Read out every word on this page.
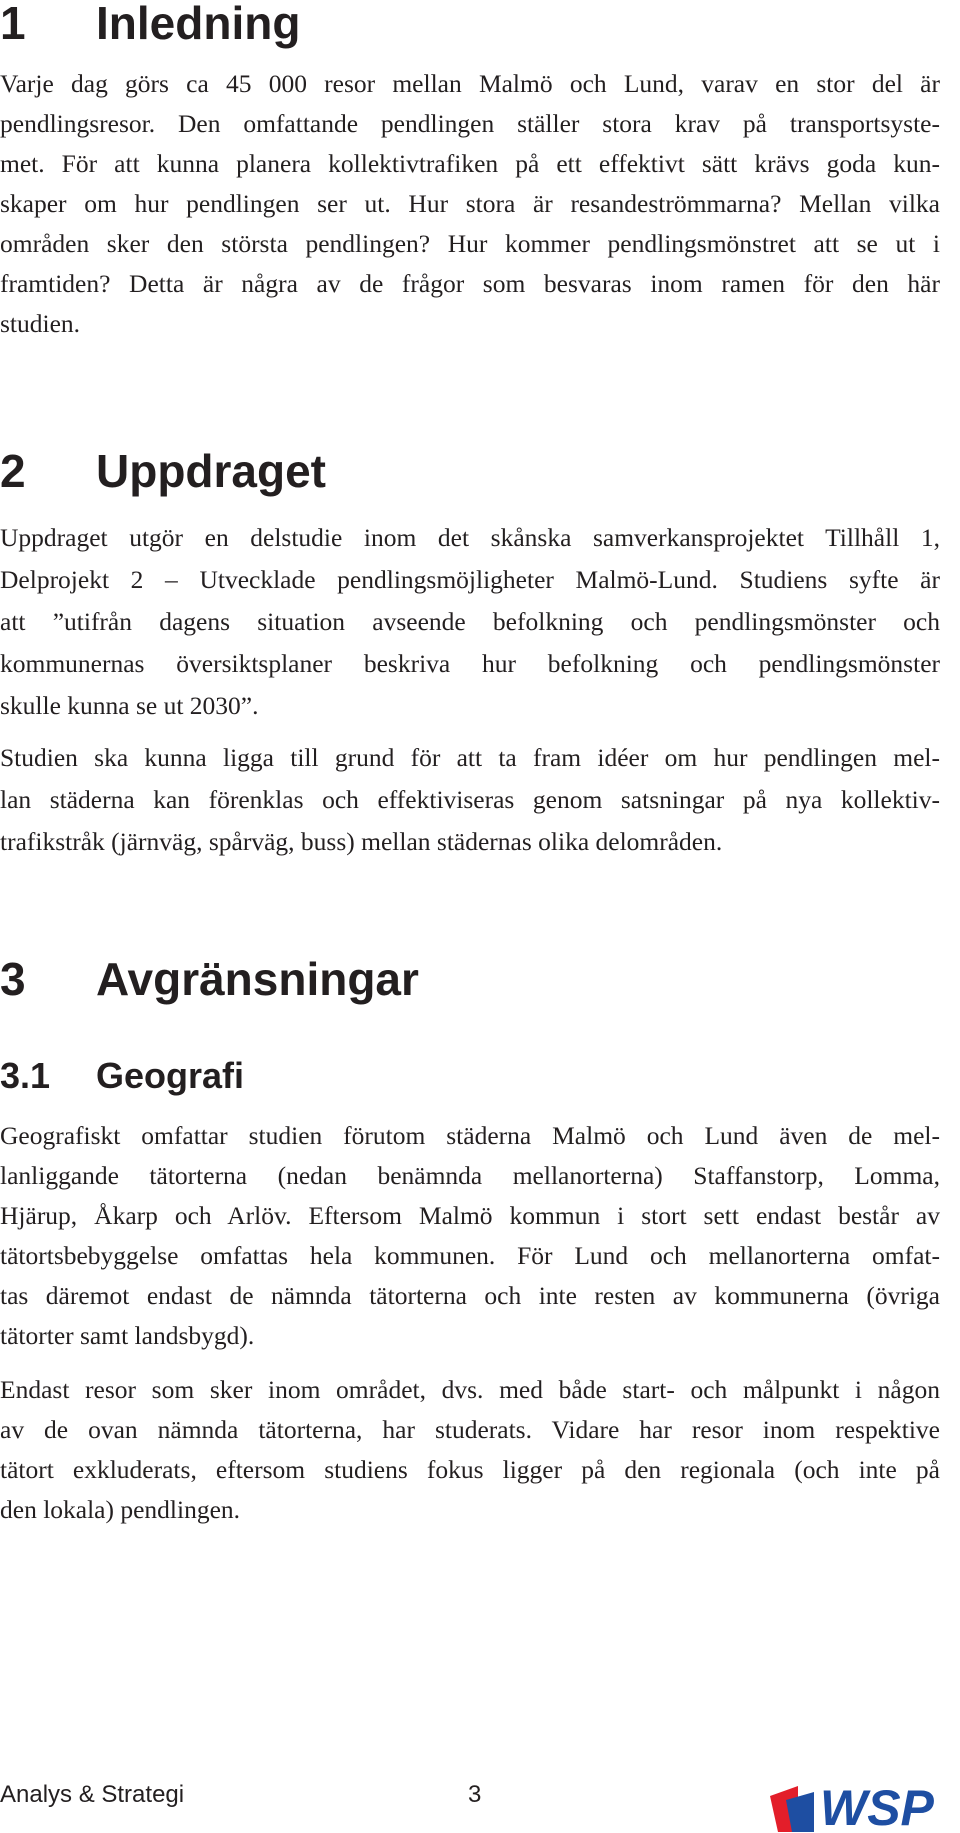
1 Inledning
Varje dag görs ca 45 000 resor mellan Malmö och Lund, varav en stor del är
pendlingsresor. Den omfattande pendlingen ställer stora krav på transportsyste-
met. För att kunna planera kollektivtrafiken på ett effektivt sätt krävs goda kun-
skaper om hur pendlingen ser ut. Hur stora är resandeströmmarna? Mellan vilka
områden sker den största pendlingen? Hur kommer pendlingsmönstret att se ut i
framtiden? Detta är några av de frågor som besvaras inom ramen för den här
studien.
2 Uppdraget
Uppdraget utgör en delstudie inom det skånska samverkansprojektet Tillhåll 1,
Delprojekt 2 – Utvecklade pendlingsmöjligheter Malmö-Lund. Studiens syfte är
att ”utifrån dagens situation avseende befolkning och pendlingsmönster och
kommunernas översiktsplaner beskriva hur befolkning och pendlingsmönster
skulle kunna se ut 2030”.
Studien ska kunna ligga till grund för att ta fram idéer om hur pendlingen mel-
lan städerna kan förenklas och effektiviseras genom satsningar på nya kollektiv-
trafikstråk (järnväg, spårväg, buss) mellan städernas olika delområden.
3 Avgränsningar
3.1 Geografi
Geografiskt omfattar studien förutom städerna Malmö och Lund även de mel-
lanliggande tätorterna (nedan benämnda mellanorterna) Staffanstorp, Lomma,
Hjärup, Åkarp och Arlöv. Eftersom Malmö kommun i stort sett endast består av
tätortsbebyggelse omfattas hela kommunen. För Lund och mellanorterna omfat-
tas däremot endast de nämnda tätorterna och inte resten av kommunerna (övriga
tätorter samt landsbygd).
Endast resor som sker inom området, dvs. med både start- och målpunkt i någon
av de ovan nämnda tätorterna, har studerats. Vidare har resor inom respektive
tätort exkluderats, eftersom studiens fokus ligger på den regionala (och inte på
den lokala) pendlingen.
Analys & Strategi	3	WSP
